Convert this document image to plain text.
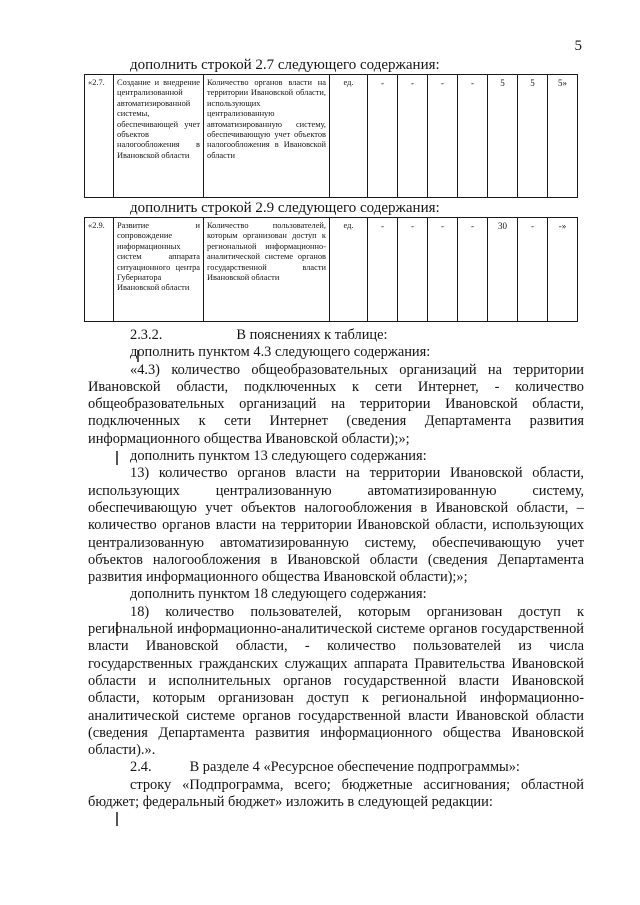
5
дополнить строкой 2.7 следующего содержания:
«2.7.	Создание и внедрение централизованной автоматизированной системы, обеспечивающей учет объектов налогообложения в Ивановской области	Количество органов власти на территории Ивановской области, использующих централизованную автоматизированную систему, обеспечивающую учет объектов налогообложения в Ивановской области	ед.	-	-	-	-	5	5	5»
дополнить строкой 2.9 следующего содержания:
«2.9.	Развитие и сопровождение информационных систем аппарата ситуационного центра Губернатора Ивановской области	Количество пользователей, которым организован доступ к региональной информационно-аналитической системе органов государственной власти Ивановской области	ед.	-	-	-	-	30	-	-»

2.3.2.	В пояснениях к таблице:

дополнить пунктом 4.3 следующего содержания:

«4.3) количество общеобразовательных организаций на территории Ивановской области, подключенных к сети Интернет, - количество общеобразовательных организаций на территории Ивановской области, подключенных к сети Интернет (сведения Департамента развития информационного общества Ивановской области);»;

дополнить пунктом 13 следующего содержания:

13) количество органов власти на территории Ивановской области, использующих централизованную автоматизированную систему, обеспечивающую учет объектов налогообложения в Ивановской области, – количество органов власти на территории Ивановской области, использующих централизованную автоматизированную систему, обеспечивающую учет объектов налогообложения в Ивановской области (сведения Департамента развития информационного общества Ивановской области);»;

дополнить пунктом 18 следующего содержания:

18) количество пользователей, которым организован доступ к региональной информационно-аналитической системе органов государственной власти Ивановской области, - количество пользователей из числа государственных гражданских служащих аппарата Правительства Ивановской области и исполнительных органов государственной власти Ивановской области, которым организован доступ к региональной информационно-аналитической системе органов государственной власти Ивановской области (сведения Департамента развития информационного общества Ивановской области).».

2.4.	В разделе 4 «Ресурсное обеспечение подпрограммы»:

строку «Подпрограмма, всего; бюджетные ассигнования; областной бюджет; федеральный бюджет» изложить в следующей редакции:
